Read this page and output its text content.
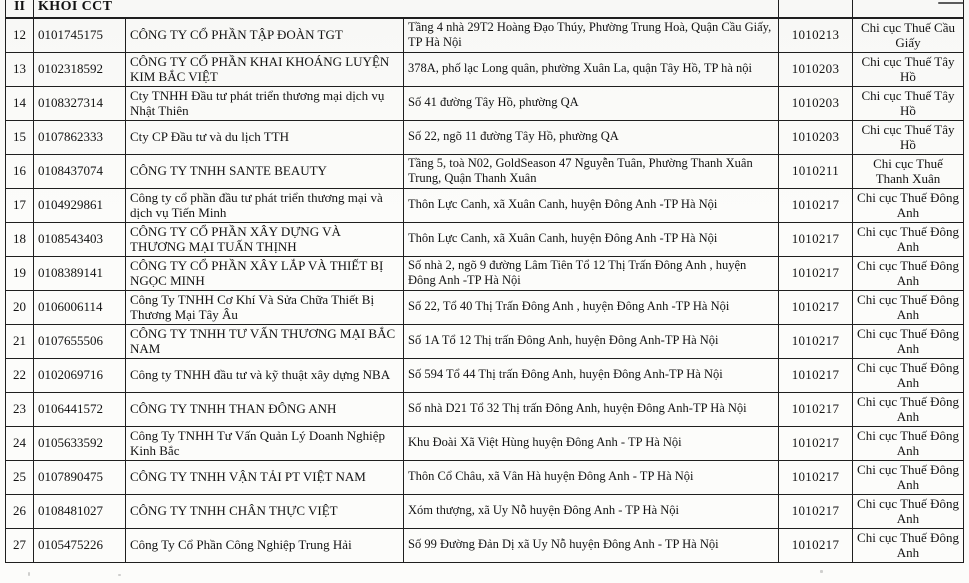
II	KHỐI CCT				
12	0101745175	CÔNG TY CỔ PHẦN TẬP ĐOÀN TGT	Tầng 4 nhà 29T2 Hoàng Đạo Thúy, Phường Trung Hoà, Quận Cầu Giấy, TP Hà Nội	1010213	Chi cục Thuế Cầu Giấy
13	0102318592	CÔNG TY CỔ PHẦN KHAI KHOÁNG LUYỆN KIM BẮC VIỆT	378A, phố lạc Long quân, phường Xuân La, quận Tây Hồ, TP hà nội	1010203	Chi cục Thuế Tây Hồ
14	0108327314	Cty TNHH Đầu tư phát triển thương mại dịch vụ Nhật Thiên	Số 41 đường Tây Hồ, phường QA	1010203	Chi cục Thuế Tây Hồ
15	0107862333	Cty CP Đầu tư và du lịch TTH	Số 22, ngõ 11 đường Tây Hồ, phường QA	1010203	Chi cục Thuế Tây Hồ
16	0108437074	CÔNG TY TNHH SANTE BEAUTY	Tầng 5, toà N02, GoldSeason 47 Nguyễn Tuân, Phường Thanh Xuân Trung, Quận Thanh Xuân	1010211	Chi cục Thuế Thanh Xuân
17	0104929861	Công ty cổ phần đầu tư phát triển thương mại và dịch vụ Tiến Minh	Thôn Lực Canh, xã Xuân Canh, huyện Đông Anh -TP Hà Nội	1010217	Chi cục Thuế Đông Anh
18	0108543403	CÔNG TY CỔ PHẦN XÂY DỰNG VÀ THƯƠNG MẠI TUẤN THỊNH	Thôn Lực Canh, xã Xuân Canh, huyện Đông Anh -TP Hà Nội	1010217	Chi cục Thuế Đông Anh
19	0108389141	CÔNG TY CỔ PHẦN XÂY LẮP VÀ THIẾT BỊ NGỌC MINH	Số nhà 2, ngõ 9 đường Lâm Tiên Tổ 12 Thị Trấn Đông Anh , huyện Đông Anh -TP Hà Nội	1010217	Chi cục Thuế Đông Anh
20	0106006114	Công Ty TNHH Cơ Khí Và Sửa Chữa Thiết Bị Thương Mại Tây Âu	Số 22, Tổ 40 Thị Trấn Đông Anh , huyện Đông Anh -TP Hà Nội	1010217	Chi cục Thuế Đông Anh
21	0107655506	CÔNG TY TNHH TƯ VẤN THƯƠNG MẠI BẮC NAM	Số 1A Tổ 12 Thị trấn Đông Anh, huyện Đông Anh-TP Hà Nội	1010217	Chi cục Thuế Đông Anh
22	0102069716	Công ty TNHH đầu tư và kỹ thuật xây dựng NBA	Số 594 Tổ 44 Thị trấn Đông Anh, huyện Đông Anh-TP Hà Nội	1010217	Chi cục Thuế Đông Anh
23	0106441572	CÔNG TY TNHH THAN ĐÔNG ANH	Số nhà D21 Tổ 32 Thị trấn Đông Anh, huyện Đông Anh-TP Hà Nội	1010217	Chi cục Thuế Đông Anh
24	0105633592	Công Ty TNHH Tư Vấn Quản Lý Doanh Nghiệp Kinh Bắc	Khu Đoài Xã Việt Hùng huyện Đông Anh - TP Hà Nội	1010217	Chi cục Thuế Đông Anh
25	0107890475	CÔNG TY TNHH VẬN TẢI PT VIỆT NAM	Thôn Cổ Châu, xã Vân Hà huyện Đông Anh - TP Hà Nội	1010217	Chi cục Thuế Đông Anh
26	0108481027	CÔNG TY TNHH CHÂN THỰC VIỆT	Xóm thượng, xã Uy Nỗ huyện Đông Anh - TP Hà Nội	1010217	Chi cục Thuế Đông Anh
27	0105475226	Công Ty Cổ Phần Công Nghiệp Trung Hải	Số 99 Đường Đản Dị xã Uy Nỗ huyện Đông Anh - TP Hà Nội	1010217	Chi cục Thuế Đông Anh
